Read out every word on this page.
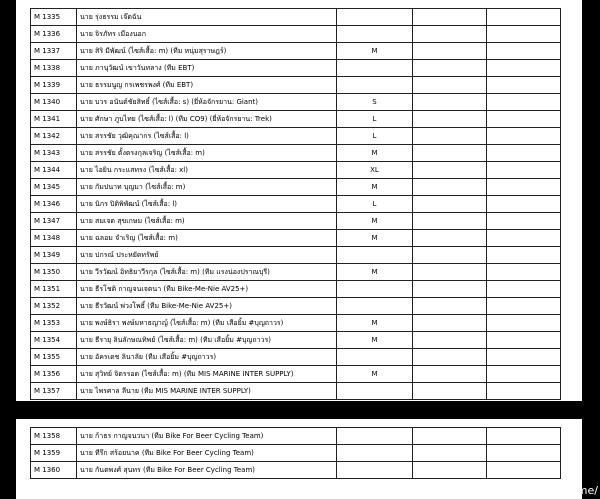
M 1335	นาย รุ่งธรรม เจ๊ดฉัน			
M 1336	นาย จิรภัทร เมืองนอก			
M 1337	นาย สิริ มีพัฒน์ (ไซส์เสื้อ: m) (ทีม หนุ่มสุราษฎร์)	M		
M 1338	นาย ภานุวัฒน์ เขาวันทลาง (ทีม EBT)			
M 1339	นาย ธรรมนูญ กรเพชรพงศ์ (ทีม EBT)			
M 1340	นาย บวร อนันต์ชัยสิทธิ์ (ไซส์เสื้อ: s) (ยี่ห้อจักรยาน: Giant)	S		
M 1341	นาย ศักษา ภูบไทย (ไซส์เสื้อ: l) (ทีม CO9) (ยี่ห้อจักรยาน: Trek)	L		
M 1342	นาย สรรชัย วุฒิคุณากร (ไซส์เสื้อ: l)	L		
M 1343	นาย สรรชัย ตั้งตรงกุลเจริญ (ไซส์เสื้อ: m)	M		
M 1344	นาย ไอยิน กระแสทรง (ไซส์เสื้อ: xl)	XL		
M 1345	นาย กัมปนาท บุญมา (ไซส์เสื้อ: m)	M		
M 1346	นาย นิกร ปิติพิพัฒน์ (ไซส์เสื้อ: l)	L		
M 1347	นาย สมเจต สุขเกษม (ไซส์เสื้อ: m)	M		
M 1348	นาย ฉลอม จำเริญ (ไซส์เสื้อ: m)	M		
M 1349	นาย ปกรณ์ ประหยัดทรัพย์			
M 1350	นาย วีรวัฒน์ อิทธิยาวีรกุล (ไซส์เสื้อ: m) (ทีม แรงน่องปราณบุรี)	M		
M 1351	นาย ธีรโชติ กาญจนเจตนา (ทีม Bike-Me-Nie AV25+)			
M 1352	นาย ธีรวัฒน์ พ่วงโพธิ์ (ทีม Bike-Me-Nie AV25+)			
M 1353	นาย พงษ์ธิรา พงษ์มหาธญาญ์ (ไซส์เสื้อ: m) (ทีม เสือยิ้ม #บุญถาวร)	M		
M 1354	นาย ธีรายุ ลินลักษณทิพย์ (ไซส์เสื้อ: m) (ทีม เสือยิ้ม #บุญถาวร)	M		
M 1355	นาย อัครเดช ลินาลัย (ทีม เสือยิ้ม #บุญถาวร)			
M 1356	นาย สุวิทย์ จิตรรอด (ไซส์เสื้อ: m) (ทีม MIS MARINE INTER SUPPLY)	M		
M 1357	นาย ไพรศาล ลีนาย (ทีม MIS MARINE INTER SUPPLY)			
M 1358	นาย ก้าธร กาญจนวนา (ทีม Bike For Beer Cycling Team)			
M 1359	นาย ทีรึก สร้อยนาค (ทีม Bike For Beer Cycling Team)			
M 1360	นาย กันตพงศ์ สุนทร (ทีม Bike For Beer Cycling Team)			
[1080x866] https://upic.me/
